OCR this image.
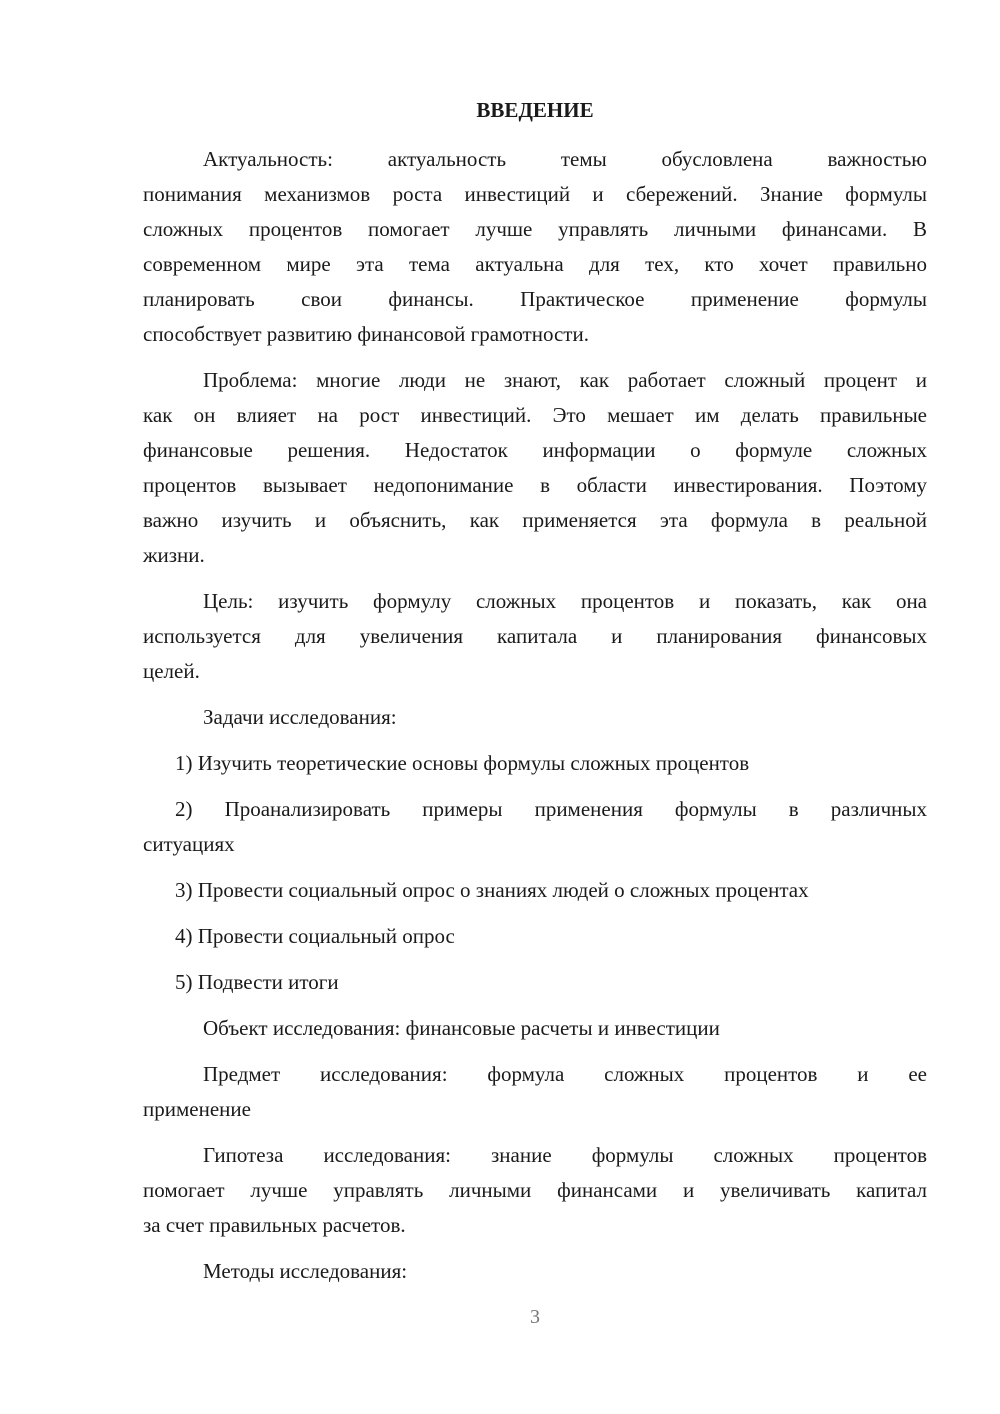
ВВЕДЕНИЕ
Актуальность: актуальность темы обусловлена важностью
понимания механизмов роста инвестиций и сбережений. Знание формулы
сложных процентов помогает лучше управлять личными финансами. В
современном мире эта тема актуальна для тех, кто хочет правильно
планировать свои финансы. Практическое применение формулы
способствует развитию финансовой грамотности.
Проблема: многие люди не знают, как работает сложный процент и
как он влияет на рост инвестиций. Это мешает им делать правильные
финансовые решения. Недостаток информации о формуле сложных
процентов вызывает недопонимание в области инвестирования. Поэтому
важно изучить и объяснить, как применяется эта формула в реальной
жизни.
Цель: изучить формулу сложных процентов и показать, как она
используется для увеличения капитала и планирования финансовых
целей.
Задачи исследования:
1) Изучить теоретические основы формулы сложных процентов
2) Проанализировать примеры применения формулы в различных
ситуациях
3) Провести социальный опрос о знаниях людей о сложных процентах
4) Провести социальный опрос
5) Подвести итоги
Объект исследования: финансовые расчеты и инвестиции
Предмет исследования: формула сложных процентов и ее
применение
Гипотеза исследования: знание формулы сложных процентов
помогает лучше управлять личными финансами и увеличивать капитал
за счет правильных расчетов.
Методы исследования:
3
